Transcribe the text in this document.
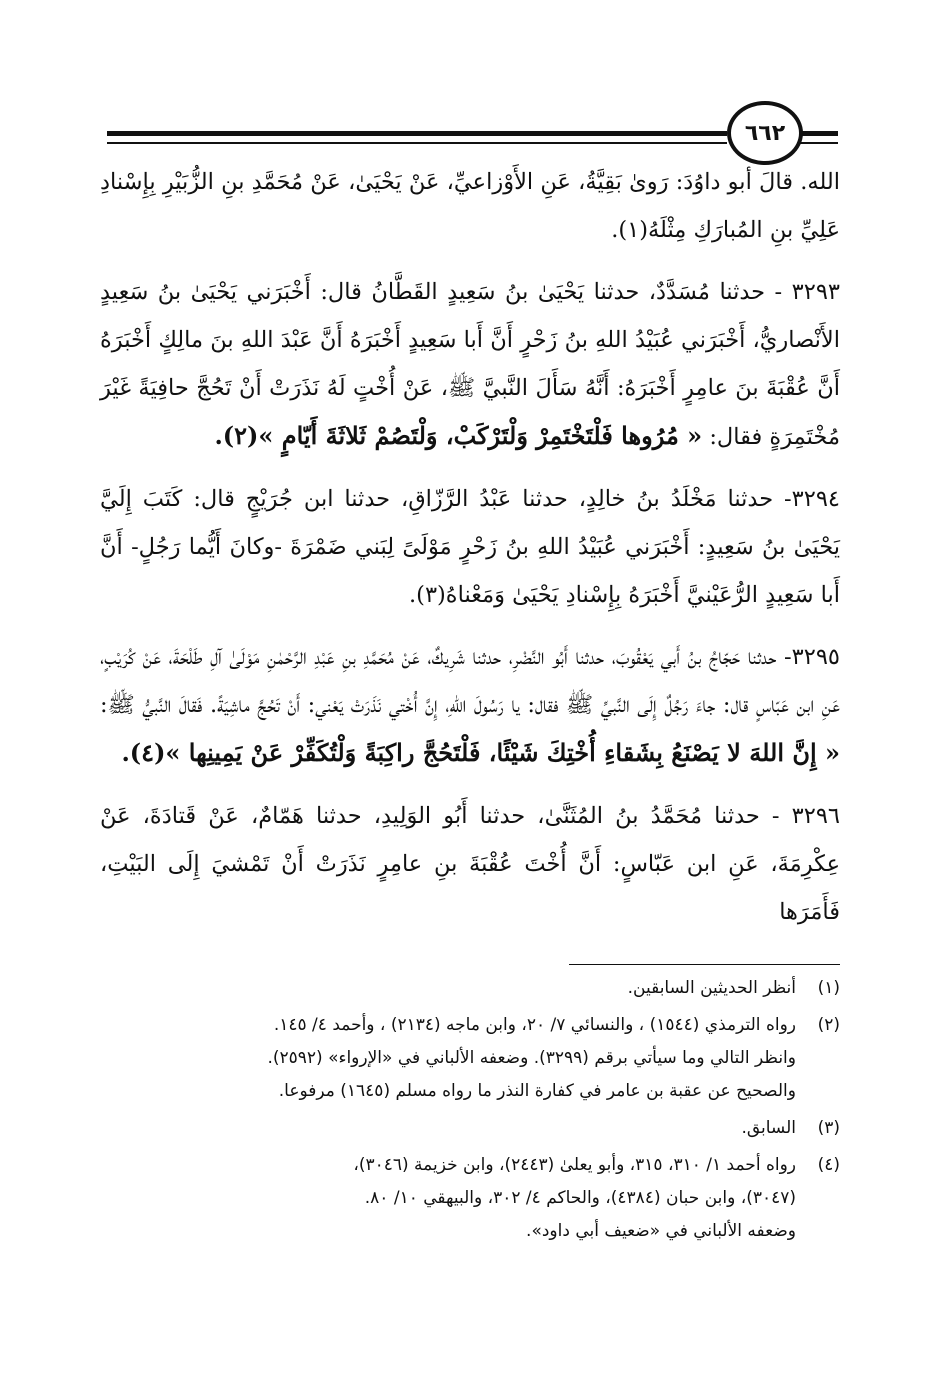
٦٦٢

الله. قالَ أبو داوُدَ: رَوىٰ بَقِيَّةُ، عَنِ الأَوْزاعيِّ، عَنْ يَحْيَىٰ، عَنْ مُحَمَّدِ بنِ الزُّبَيْرِ بِإِسْنادِ عَلِيِّ بنِ المُبارَكِ مِثْلَهُ(١).

٣٢٩٣ - حدثنا مُسَدَّدٌ، حدثنا يَحْيَىٰ بنُ سَعِيدٍ القَطَّانُ قال: أَخْبَرَني يَحْيَىٰ بنُ سَعِيدٍ الأَنْصاريُّ، أَخْبَرَني عُبَيْدُ اللهِ بنُ زَحْرٍ أَنَّ أَبا سَعِيدٍ أَخْبَرَهُ أَنَّ عَبْدَ اللهِ بنَ مالِكٍ أَخْبَرَهُ أَنَّ عُقْبَةَ بنَ عامِرٍ أَخْبَرَهُ: أَنَّهُ سَأَلَ النَّبيَّ ﷺ، عَنْ أُخْتٍ لَهُ نَذَرَتْ أَنْ تَحُجَّ حافِيَةً غَيْرَ مُخْتَمِرَةٍ فقال: « مُرُوها فَلْتَخْتَمِرْ وَلْتَرْكَبْ، وَلْتَصُمْ ثَلاثَةَ أَيّامٍ »(٢).

٣٢٩٤- حدثنا مَخْلَدُ بنُ خالِدٍ، حدثنا عَبْدُ الرَّزّاقِ، حدثنا ابن جُرَيْجٍ قال: كَتَبَ إِلَيَّ يَحْيَىٰ بنُ سَعِيدٍ: أَخْبَرَني عُبَيْدُ اللهِ بنُ زَحْرٍ مَوْلَىً لِبَني ضَمْرَةَ -وكانَ أَيُّما رَجُلٍ- أَنَّ أَبا سَعِيدٍ الرُّعَيْنيَّ أَخْبَرَهُ بِإِسْنادِ يَحْيَىٰ وَمَعْناهُ(٣).

٣٢٩٥- حدثنا حَجّاجُ بنُ أَبي يَعْقُوبَ، حدثنا أَبُو النَّضْرِ، حدثنا شَرِيكٌ، عَنْ مُحَمَّدِ بنِ عَبْدِ الرَّحْمٰنِ مَوْلَىٰ آلِ طَلْحَةَ، عَنْ كُرَيْبٍ، عَنِ ابن عَبّاسٍ قال: جاءَ رَجُلٌ إِلَى النَّبيِّ ﷺ فقال: يا رَسُولَ اللهِ، إِنَّ أُخْتي نَذَرَتْ يَعْني: أَنْ تَحُجَّ ماشِيَةً. فَقالَ النَّبيُّ ﷺ: « إِنَّ اللهَ لا يَصْنَعُ بِشَقاءِ أُخْتِكَ شَيْئًا، فَلْتَحُجَّ راكِبَةً وَلْتُكَفِّرْ عَنْ يَمِينِها »(٤).

٣٢٩٦ - حدثنا مُحَمَّدُ بنُ المُثَنَّىٰ، حدثنا أَبُو الوَلِيدِ، حدثنا هَمّامٌ، عَنْ قَتادَةَ، عَنْ عِكْرِمَةَ، عَنِ ابن عَبّاسٍ: أَنَّ أُخْتَ عُقْبَةَ بنِ عامِرٍ نَذَرَتْ أَنْ تَمْشيَ إِلَى البَيْتِ، فَأَمَرَها

(١)
أنظر الحديثين السابقين.
(٢)
رواه الترمذي (١٥٤٤) ، والنسائي ٧/ ٢٠، وابن ماجه (٢١٣٤) ، وأحمد ٤/ ١٤٥.
وانظر التالي وما سيأتي برقم (٣٢٩٩). وضعفه الألباني في «الإرواء» (٢٥٩٢).
والصحيح عن عقبة بن عامر في كفارة النذر ما رواه مسلم (١٦٤٥) مرفوعا.
(٣)
السابق.
(٤)
رواه أحمد ١/ ٣١٠، ٣١٥، وأبو يعلىٰ (٢٤٤٣)، وابن خزيمة (٣٠٤٦)،
(٣٠٤٧)، وابن حبان (٤٣٨٤)، والحاكم ٤/ ٣٠٢، والبيهقي ١٠/ ٨٠.
وضعفه الألباني في «ضعيف أبي داود».
